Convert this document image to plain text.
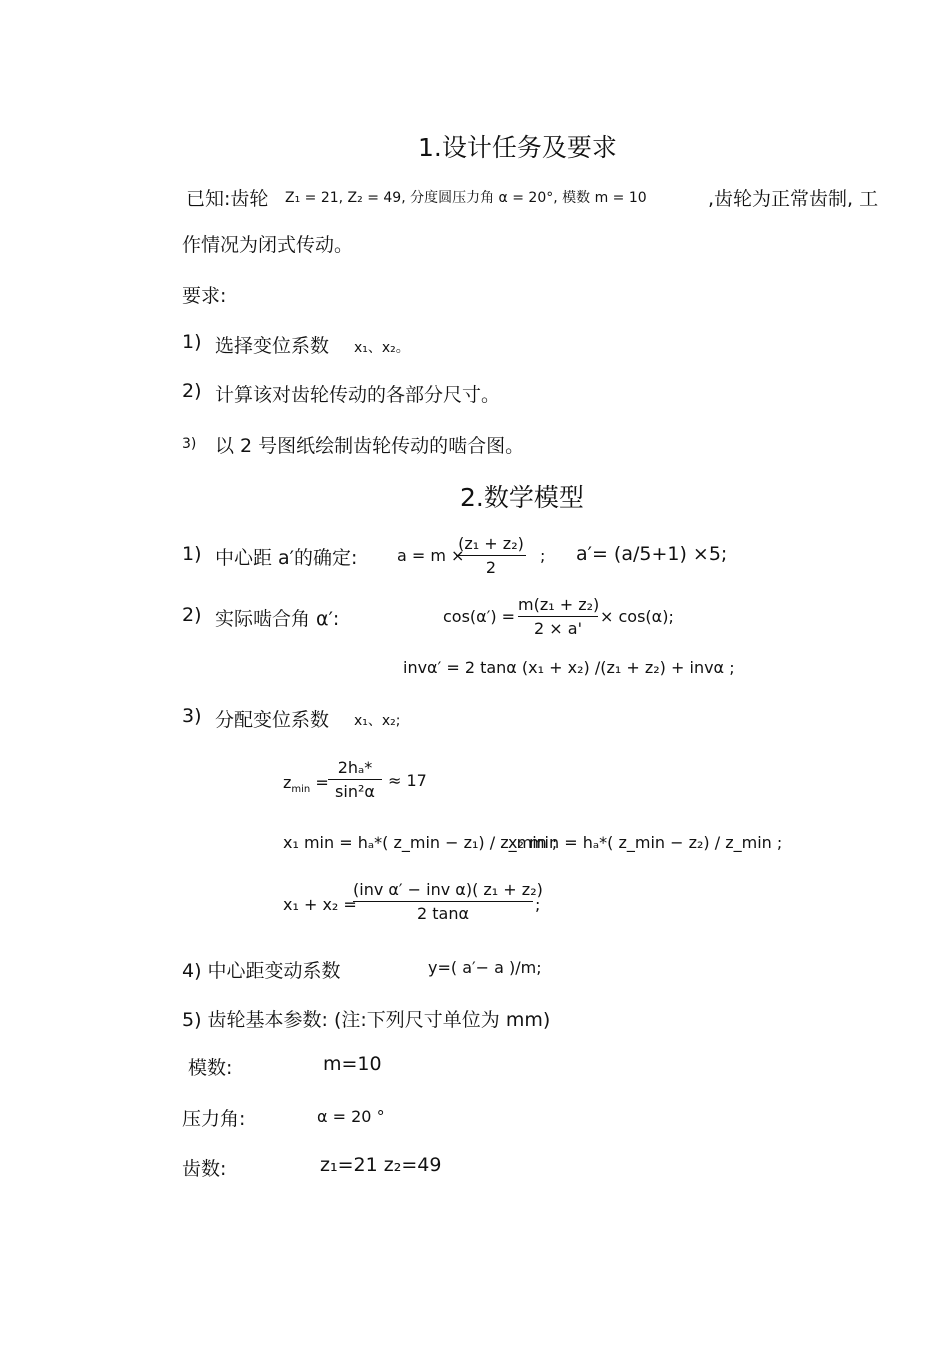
1.设计任务及要求
已知:齿轮 Z₁ = 21, Z₂ = 49, 分度圆压力角 α = 20°, 模数 m = 10	,齿轮为正常齿制, 工
作情况为闭式传动。
要求:
1) 选择变位系数 x₁、x₂。
2) 计算该对齿轮传动的各部分尺寸。
3) 以 2 号图纸绘制齿轮传动的啮合图。
2.数学模型
1) 中心距 a′的确定: a = m ×
(z₁ + z₂)
2
; a′= (a/5+1) ×5;
2) 实际啮合角 α′:	cos(α′) =
m(z₁ + z₂)
2 × a'
× cos(α);
invα′ = 2 tanα (x₁ + x₂) /(z₁ + z₂) + invα ;
3) 分配变位系数 x₁、x₂;
$z_{min}$ =
2hₐ*
sin²α
≈ 17
x₁ min = hₐ*( z_min − z₁) / z_min ;
x₂ min = hₐ*( z_min − z₂) / z_min ;
x₁ + x₂ =
(inv α′ − inv α)( z₁ + z₂)
2 tanα	;
4) 中心距变动系数	y=( a′− a )/m;
5) 齿轮基本参数: (注:下列尺寸单位为 mm)
模数:	m=10
压力角:	α = 20 °
齿数:	z₁=21 z₂=49
